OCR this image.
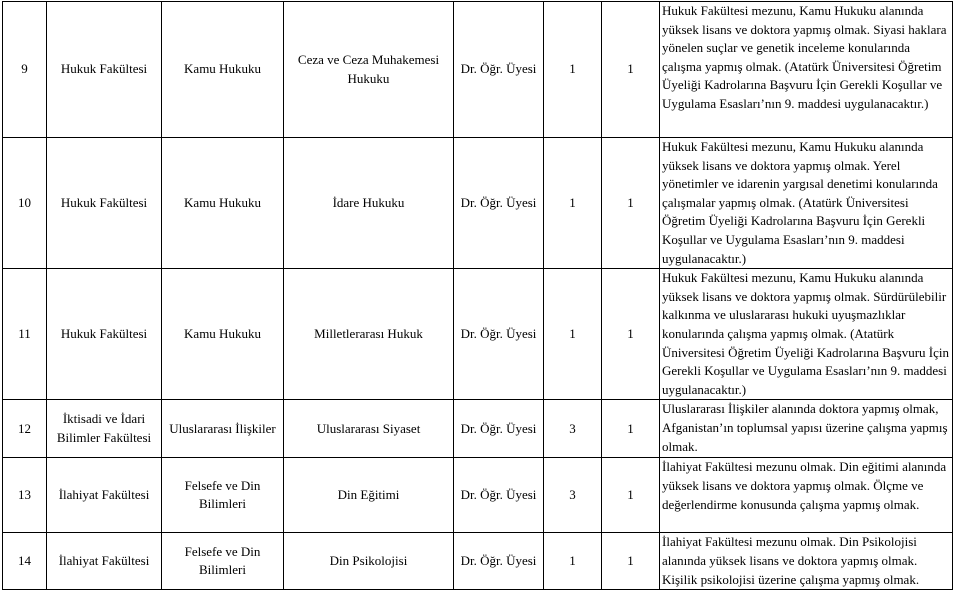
9	Hukuk Fakültesi	Kamu Hukuku	Ceza ve Ceza Muhakemesi Hukuku	Dr. Öğr. Üyesi	1	1	Hukuk Fakültesi mezunu, Kamu Hukuku alanında yüksek lisans ve doktora yapmış olmak. Siyasi haklara yönelen suçlar ve genetik inceleme konularında çalışma yapmış olmak. (Atatürk Üniversitesi Öğretim Üyeliği Kadrolarına Başvuru İçin Gerekli Koşullar ve Uygulama Esasları’nın 9. maddesi uygulanacaktır.)
10	Hukuk Fakültesi	Kamu Hukuku	İdare Hukuku	Dr. Öğr. Üyesi	1	1	Hukuk Fakültesi mezunu, Kamu Hukuku alanında yüksek lisans ve doktora yapmış olmak. Yerel yönetimler ve idarenin yargısal denetimi konularında çalışmalar yapmış olmak. (Atatürk Üniversitesi Öğretim Üyeliği Kadrolarına Başvuru İçin Gerekli Koşullar ve Uygulama Esasları’nın 9. maddesi uygulanacaktır.)
11	Hukuk Fakültesi	Kamu Hukuku	Milletlerarası Hukuk	Dr. Öğr. Üyesi	1	1	Hukuk Fakültesi mezunu, Kamu Hukuku alanında yüksek lisans ve doktora yapmış olmak. Sürdürülebilir kalkınma ve uluslararası hukuki uyuşmazlıklar konularında çalışma yapmış olmak. (Atatürk Üniversitesi Öğretim Üyeliği Kadrolarına Başvuru İçin Gerekli Koşullar ve Uygulama Esasları’nın 9. maddesi uygulanacaktır.)
12	İktisadi ve İdari Bilimler Fakültesi	Uluslararası İlişkiler	Uluslararası Siyaset	Dr. Öğr. Üyesi	3	1	Uluslararası İlişkiler alanında doktora yapmış olmak, Afganistan’ın toplumsal yapısı üzerine çalışma yapmış olmak.
13	İlahiyat Fakültesi	Felsefe ve Din Bilimleri	Din Eğitimi	Dr. Öğr. Üyesi	3	1	İlahiyat Fakültesi mezunu olmak. Din eğitimi alanında yüksek lisans ve doktora yapmış olmak. Ölçme ve değerlendirme konusunda çalışma yapmış olmak.
14	İlahiyat Fakültesi	Felsefe ve Din Bilimleri	Din Psikolojisi	Dr. Öğr. Üyesi	1	1	İlahiyat Fakültesi mezunu olmak. Din Psikolojisi alanında yüksek lisans ve doktora yapmış olmak. Kişilik psikolojisi üzerine çalışma yapmış olmak.
